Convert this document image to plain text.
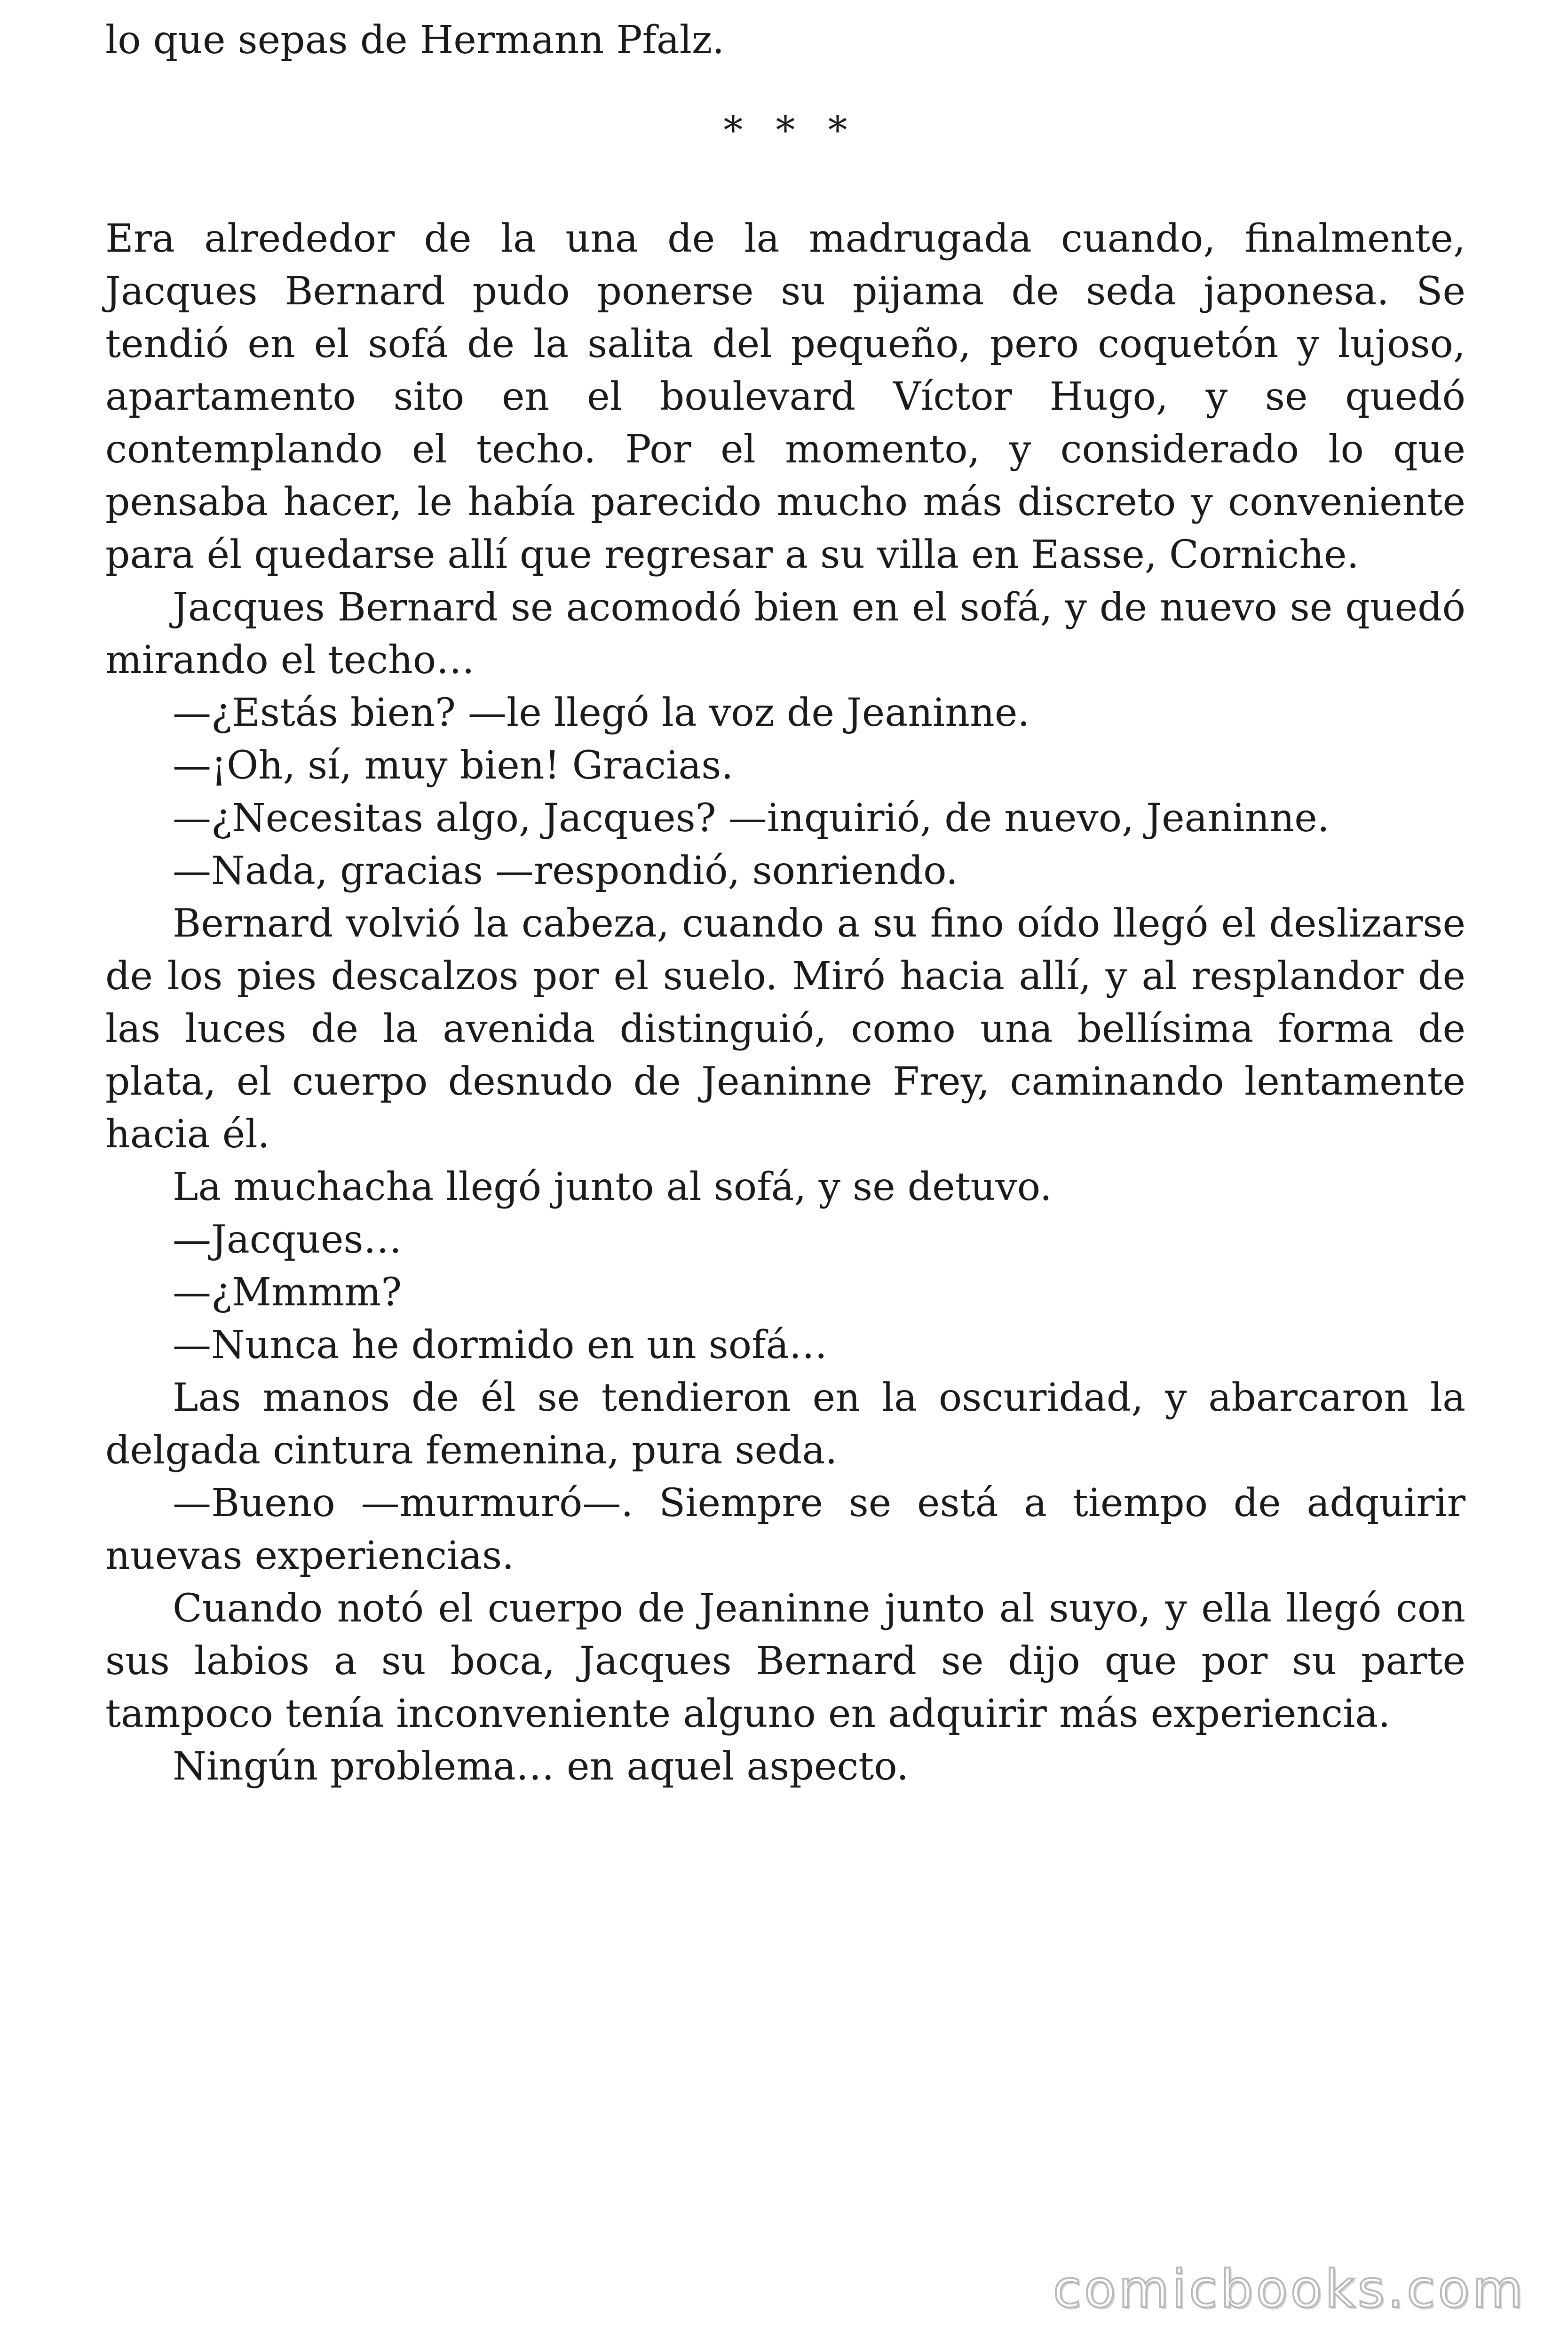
lo que sepas de Hermann Pfalz.

* * *

Era alrededor de la una de la madrugada cuando, finalmente, Jacques Bernard pudo ponerse su pijama de seda japonesa. Se tendió en el sofá de la salita del pequeño, pero coquetón y lujoso, apartamento sito en el boulevard Víctor Hugo, y se quedó contemplando el techo. Por el momento, y considerado lo que pensaba hacer, le había parecido mucho más discreto y conveniente para él quedarse allí que regresar a su villa en Easse, Corniche.

Jacques Bernard se acomodó bien en el sofá, y de nuevo se quedó mirando el techo…

—¿Estás bien? —le llegó la voz de Jeaninne.

—¡Oh, sí, muy bien! Gracias.

—¿Necesitas algo, Jacques? —inquirió, de nuevo, Jeaninne.

—Nada, gracias —respondió, sonriendo.

Bernard volvió la cabeza, cuando a su fino oído llegó el deslizarse de los pies descalzos por el suelo. Miró hacia allí, y al resplandor de las luces de la avenida distinguió, como una bellísima forma de plata, el cuerpo desnudo de Jeaninne Frey, caminando lentamente hacia él.

La muchacha llegó junto al sofá, y se detuvo.

—Jacques…

—¿Mmmm?

—Nunca he dormido en un sofá…

Las manos de él se tendieron en la oscuridad, y abarcaron la delgada cintura femenina, pura seda.

—Bueno —murmuró—. Siempre se está a tiempo de adquirir nuevas experiencias.

Cuando notó el cuerpo de Jeaninne junto al suyo, y ella llegó con sus labios a su boca, Jacques Bernard se dijo que por su parte tampoco tenía inconveniente alguno en adquirir más experiencia.

Ningún problema… en aquel aspecto.

comicbooks.com
